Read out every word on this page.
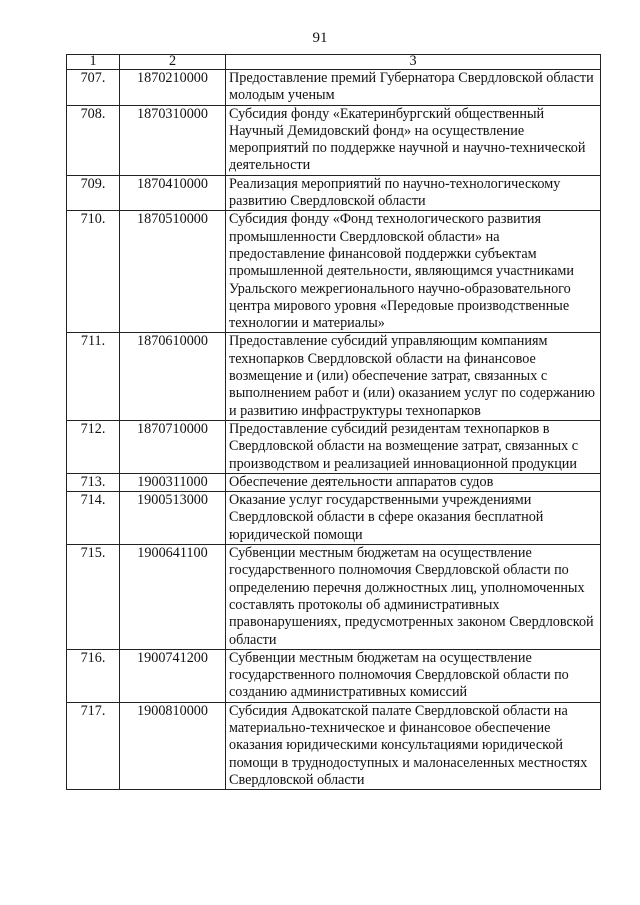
91
1	2	3
707.	1870210000	Предоставление премий Губернатора Свердловской области молодым ученым
708.	1870310000	Субсидия фонду «Екатеринбургский общественный Научный Демидовский фонд» на осуществление мероприятий по поддержке научной и научно-технической деятельности
709.	1870410000	Реализация мероприятий по научно-технологическому развитию Свердловской области
710.	1870510000	Субсидия фонду «Фонд технологического развития промышленности Свердловской области» на предоставление финансовой поддержки субъектам промышленной деятельности, являющимся участниками Уральского межрегионального научно-образовательного центра мирового уровня «Передовые производственные технологии и материалы»
711.	1870610000	Предоставление субсидий управляющим компаниям технопарков Свердловской области на финансовое возмещение и (или) обеспечение затрат, связанных с выполнением работ и (или) оказанием услуг по содержанию и развитию инфраструктуры технопарков
712.	1870710000	Предоставление субсидий резидентам технопарков в Свердловской области на возмещение затрат, связанных с производством и реализацией инновационной продукции
713.	1900311000	Обеспечение деятельности аппаратов судов
714.	1900513000	Оказание услуг государственными учреждениями Свердловской области в сфере оказания бесплатной юридической помощи
715.	1900641100	Субвенции местным бюджетам на осуществление государственного полномочия Свердловской области по определению перечня должностных лиц, уполномоченных составлять протоколы об административных правонарушениях, предусмотренных законом Свердловской области
716.	1900741200	Субвенции местным бюджетам на осуществление государственного полномочия Свердловской области по созданию административных комиссий
717.	1900810000	Субсидия Адвокатской палате Свердловской области на материально-техническое и финансовое обеспечение оказания юридическими консультациями юридической помощи в труднодоступных и малонаселенных местностях Свердловской области
